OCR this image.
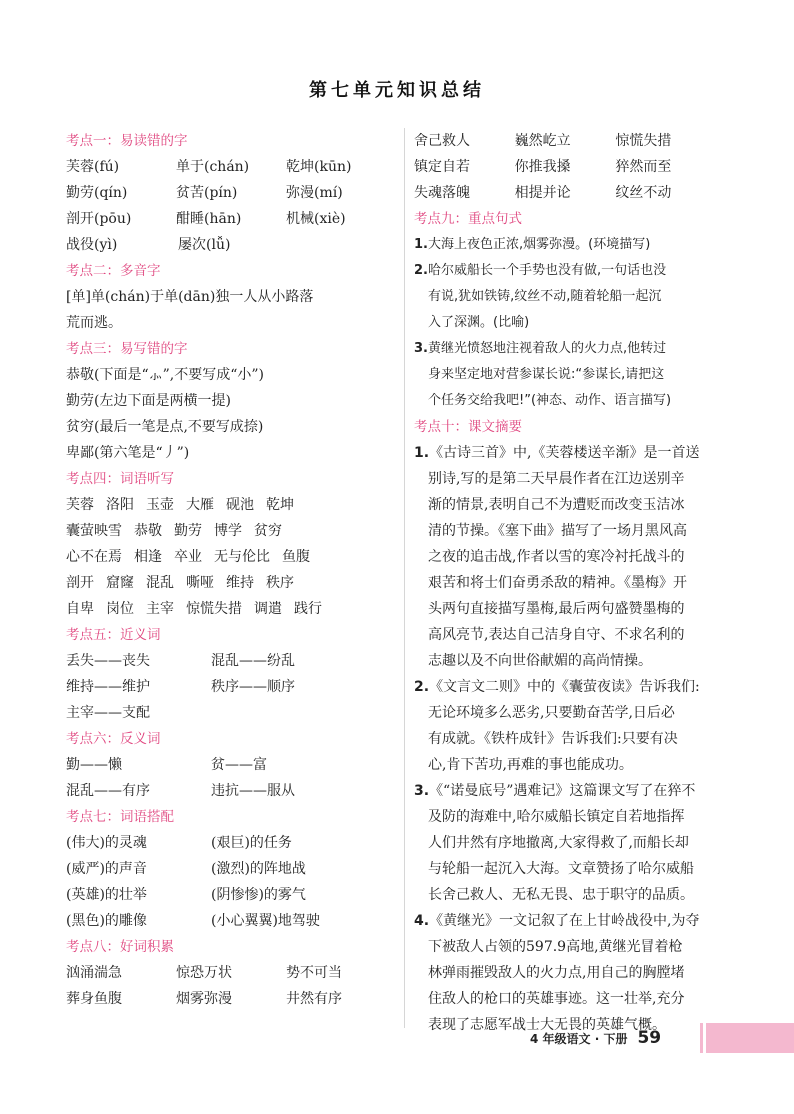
第七单元知识总结
考点一：易读错的字
芙蓉(fú)	单于(chán)	乾坤(kūn)
勤劳(qín)	贫苦(pín)	弥漫(mí)
剖开(pōu)	酣睡(hān)	机械(xiè)
战役(yì)	屡次(lǚ)
考点二：多音字
[单]单(chán)于单(dān)独一人从小路落
荒而逃。
考点三：易写错的字
恭敬(下面是“⺗”,不要写成“小”)
勤劳(左边下面是两横一提)
贫穷(最后一笔是点,不要写成捺)
卑鄙(第六笔是“丿”)
考点四：词语听写
芙蓉 洛阳 玉壶 大雁 砚池 乾坤
囊萤映雪 恭敬 勤劳 博学 贫穷
心不在焉 相逢 卒业 无与伦比 鱼腹
剖开 窟窿 混乱 嘶哑 维持 秩序
自卑 岗位 主宰 惊慌失措 调遣 践行
考点五：近义词
丢失——丧失	混乱——纷乱
维持——维护	秩序——顺序
主宰——支配
考点六：反义词
勤——懒	贫——富
混乱——有序	违抗——服从
考点七：词语搭配
(伟大)的灵魂	(艰巨)的任务
(威严)的声音	(激烈)的阵地战
(英雄)的壮举	(阴惨惨)的雾气
(黑色)的雕像	(小心翼翼)地驾驶
考点八：好词积累
汹涌湍急	惊恐万状	势不可当
葬身鱼腹	烟雾弥漫	井然有序
舍己救人	巍然屹立	惊慌失措
镇定自若	你推我搡	猝然而至
失魂落魄	相提并论	纹丝不动
考点九：重点句式
1.大海上夜色正浓,烟雾弥漫。(环境描写)
2.哈尔威船长一个手势也没有做,一句话也没
有说,犹如铁铸,纹丝不动,随着轮船一起沉
入了深渊。(比喻)
3.黄继光愤怒地注视着敌人的火力点,他转过
身来坚定地对营参谋长说:“参谋长,请把这
个任务交给我吧!”(神态、动作、语言描写)
考点十：课文摘要
1.《古诗三首》中,《芙蓉楼送辛渐》是一首送
别诗,写的是第二天早晨作者在江边送别辛
渐的情景,表明自己不为遭贬而改变玉洁冰
清的节操。《塞下曲》描写了一场月黑风高
之夜的追击战,作者以雪的寒冷衬托战斗的
艰苦和将士们奋勇杀敌的精神。《墨梅》开
头两句直接描写墨梅,最后两句盛赞墨梅的
高风亮节,表达自己洁身自守、不求名利的
志趣以及不向世俗献媚的高尚情操。
2.《文言文二则》中的《囊萤夜读》告诉我们:
无论环境多么恶劣,只要勤奋苦学,日后必
有成就。《铁杵成针》告诉我们:只要有决
心,肯下苦功,再难的事也能成功。
3.《“诺曼底号”遇难记》这篇课文写了在猝不
及防的海难中,哈尔威船长镇定自若地指挥
人们井然有序地撤离,大家得救了,而船长却
与轮船一起沉入大海。文章赞扬了哈尔威船
长舍己救人、无私无畏、忠于职守的品质。
4.《黄继光》一文记叙了在上甘岭战役中,为夺
下被敌人占领的597.9高地,黄继光冒着枪
林弹雨摧毁敌人的火力点,用自己的胸膛堵
住敌人的枪口的英雄事迹。这一壮举,充分
表现了志愿军战士大无畏的英雄气概。
4 年级语文 · 下册 59
